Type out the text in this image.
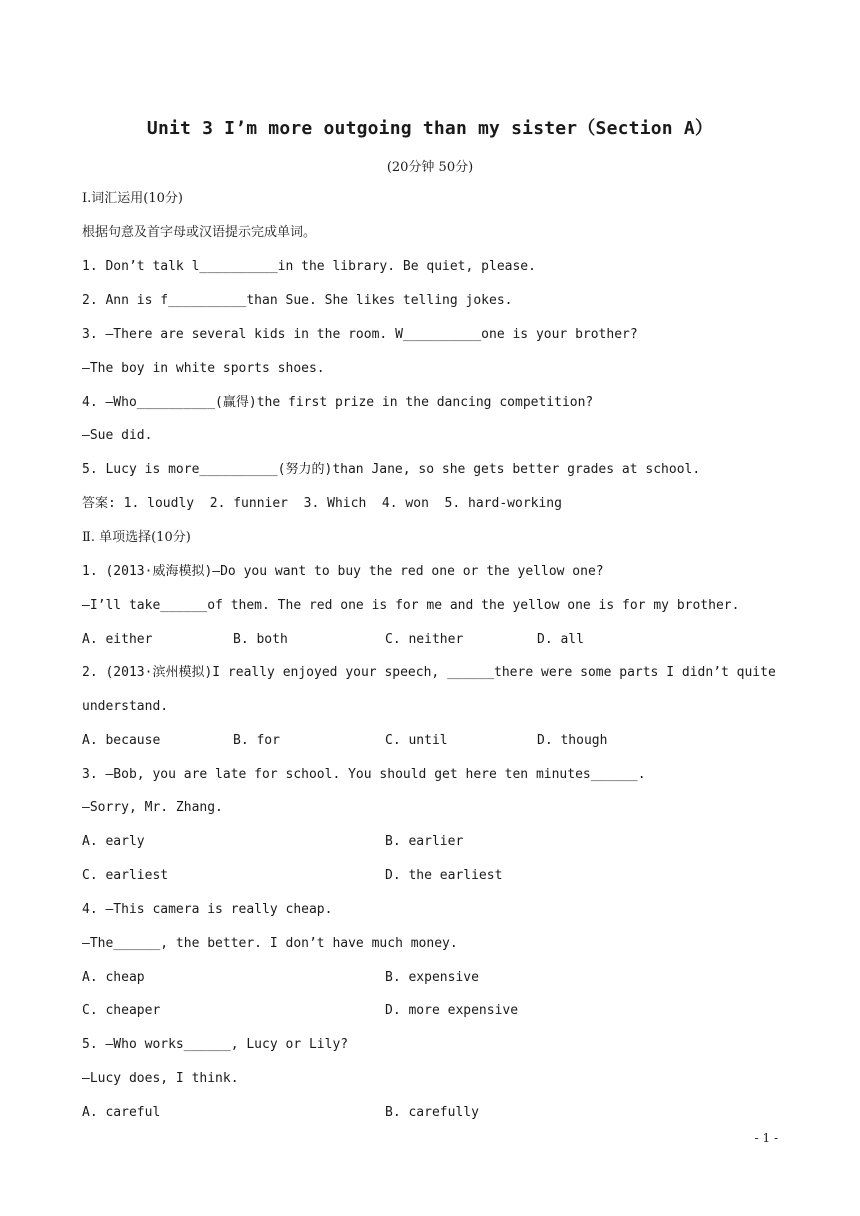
Unit 3 I’m more outgoing than my sister（Section A）
(20分钟 50分)
Ⅰ.词汇运用(10分)
根据句意及首字母或汉语提示完成单词。
1. Don’t talk l__________in the library. Be quiet, please.
2. Ann is f__________than Sue. She likes telling jokes.
3. —There are several kids in the room. W__________one is your brother?
—The boy in white sports shoes.
4. —Who__________(赢得)the first prize in the dancing competition?
—Sue did.
5. Lucy is more__________(努力的)than Jane, so she gets better grades at school.
答案: 1. loudly  2. funnier  3. Which  4. won  5. hard-working
Ⅱ. 单项选择(10分)
1. (2013·威海模拟)—Do you want to buy the red one or the yellow one?
—I’ll take______of them. The red one is for me and the yellow one is for my brother.
A. either	B. both	C. neither	D. all
2. (2013·滨州模拟)I really enjoyed your speech, ______there were some parts I didn’t quite
understand.
A. because	B. for	C. until	D. though
3. —Bob, you are late for school. You should get here ten minutes______.
—Sorry, Mr. Zhang.
A. early	B. earlier
C. earliest	D. the earliest
4. —This camera is really cheap.
—The______, the better. I don’t have much money.
A. cheap	B. expensive
C. cheaper	D. more expensive
5. —Who works______, Lucy or Lily?
—Lucy does, I think.
A. careful	B. carefully
- 1 -
